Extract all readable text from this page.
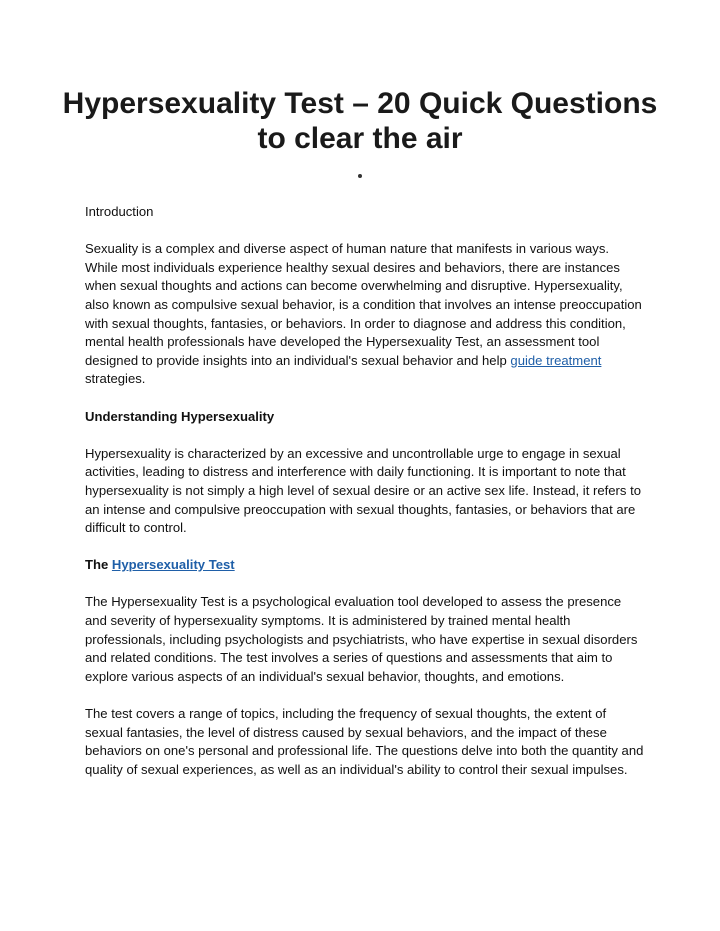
Hypersexuality Test – 20 Quick Questions to clear the air

Introduction

Sexuality is a complex and diverse aspect of human nature that manifests in various ways. While most individuals experience healthy sexual desires and behaviors, there are instances when sexual thoughts and actions can become overwhelming and disruptive. Hypersexuality, also known as compulsive sexual behavior, is a condition that involves an intense preoccupation with sexual thoughts, fantasies, or behaviors. In order to diagnose and address this condition, mental health professionals have developed the Hypersexuality Test, an assessment tool designed to provide insights into an individual's sexual behavior and help guide treatment strategies.

Understanding Hypersexuality

Hypersexuality is characterized by an excessive and uncontrollable urge to engage in sexual activities, leading to distress and interference with daily functioning. It is important to note that hypersexuality is not simply a high level of sexual desire or an active sex life. Instead, it refers to an intense and compulsive preoccupation with sexual thoughts, fantasies, or behaviors that are difficult to control.

The Hypersexuality Test

The Hypersexuality Test is a psychological evaluation tool developed to assess the presence and severity of hypersexuality symptoms. It is administered by trained mental health professionals, including psychologists and psychiatrists, who have expertise in sexual disorders and related conditions. The test involves a series of questions and assessments that aim to explore various aspects of an individual's sexual behavior, thoughts, and emotions.

The test covers a range of topics, including the frequency of sexual thoughts, the extent of sexual fantasies, the level of distress caused by sexual behaviors, and the impact of these behaviors on one's personal and professional life. The questions delve into both the quantity and quality of sexual experiences, as well as an individual's ability to control their sexual impulses.
